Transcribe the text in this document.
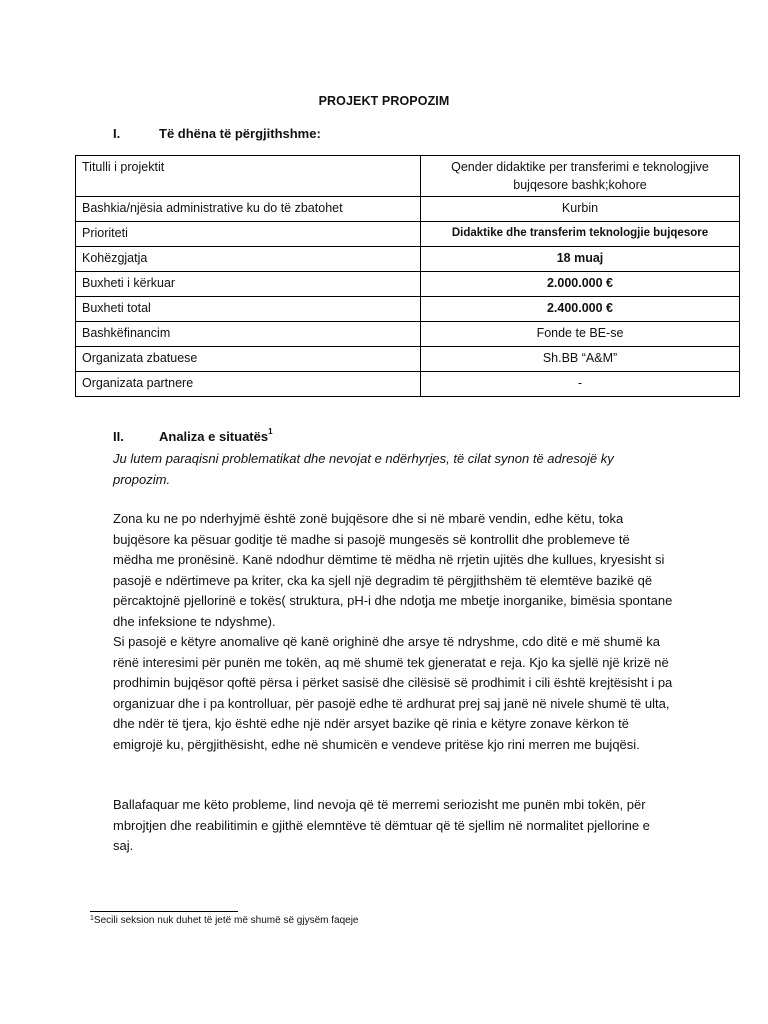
PROJEKT PROPOZIM
I.	Të dhëna të përgjithshme:
Titulli i projektit	Qender didaktike per transferimi e teknologjive bujqesore bashk;kohore
Bashkia/njësia administrative ku do të zbatohet	Kurbin
Prioriteti	Didaktike dhe transferim teknologjie bujqesore
Kohëzgjatja	18 muaj
Buxheti i kërkuar	2.000.000 €
Buxheti total	2.400.000 €
Bashkëfinancim	Fonde te BE-se
Organizata zbatuese	Sh.BB “A&M”
Organizata partnere	-
II.	Analiza e situatës$^1$
Ju lutem paraqisni problematikat dhe nevojat e ndërhyrjes, të cilat synon të adresojë ky propozim.
Zona ku ne po nderhyjmë është zonë bujqësore dhe si në mbarë vendin, edhe këtu, toka bujqësore ka pësuar goditje të madhe si pasojë mungesës së kontrollit dhe problemeve të mëdha me pronësinë. Kanë ndodhur dëmtime të mëdha në rrjetin ujitës dhe kullues, kryesisht si pasojë e ndërtimeve pa kriter, cka ka sjell një degradim të përgjithshëm të elemtëve bazikë që përcaktojnë pjellorinë e tokës( struktura, pH-i dhe ndotja me mbetje inorganike, bimësia spontane dhe infeksione te ndyshme).
Si pasojë e këtyre anomalive që kanë orighinë dhe arsye të ndryshme, cdo ditë e më shumë ka rënë interesimi për punën me tokën, aq më shumë tek gjeneratat e reja. Kjo ka sjellë një krizë në prodhimin bujqësor qoftë përsa i përket sasisë dhe cilësisë së prodhimit i cili është krejtësisht i pa organizuar dhe i pa kontrolluar, për pasojë edhe të ardhurat prej saj janë në nivele shumë të ulta, dhe ndër të tjera, kjo është edhe një ndër arsyet bazike që rinia e këtyre zonave kërkon të emigrojë ku, përgjithësisht, edhe në shumicën e vendeve pritëse kjo rini merren me bujqësi.
Ballafaquar me këto probleme, lind nevoja që të merremi seriozisht me punën mbi tokën, për mbrojtjen dhe reabilitimin e gjithë elemntëve të dëmtuar që të sjellim në normalitet pjellorine e saj.
$^1$Secili seksion nuk duhet të jetë më shumë së gjysëm faqeje
